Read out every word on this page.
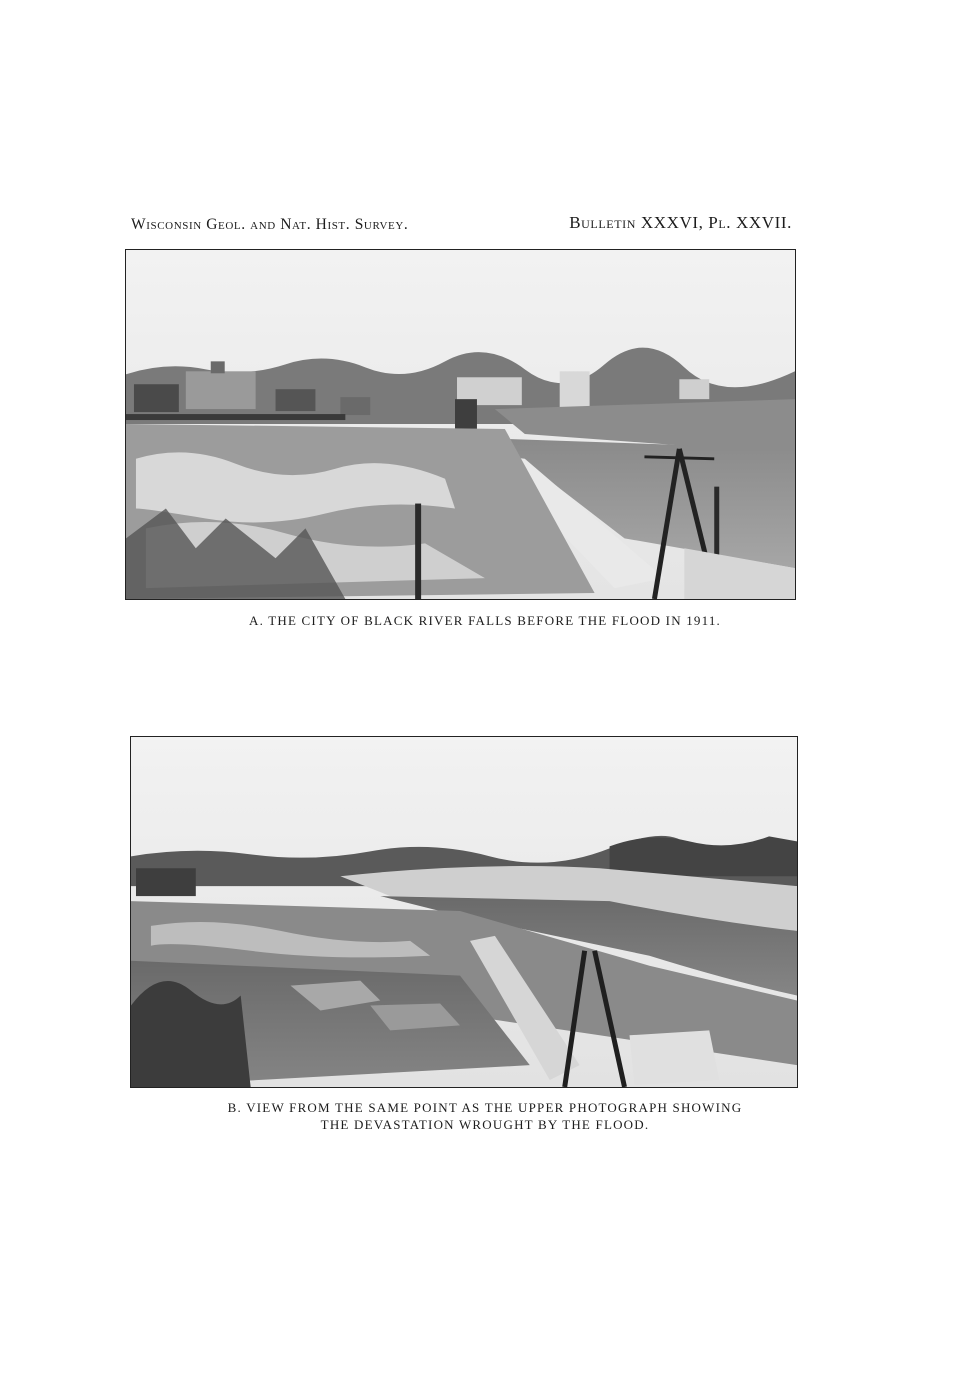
Wisconsin Geol. and Nat. Hist. Survey.	Bulletin XXXVI, Pl. XXVII.
A. THE CITY OF BLACK RIVER FALLS BEFORE THE FLOOD IN 1911.
B. VIEW FROM THE SAME POINT AS THE UPPER PHOTOGRAPH SHOWING
THE DEVASTATION WROUGHT BY THE FLOOD.
